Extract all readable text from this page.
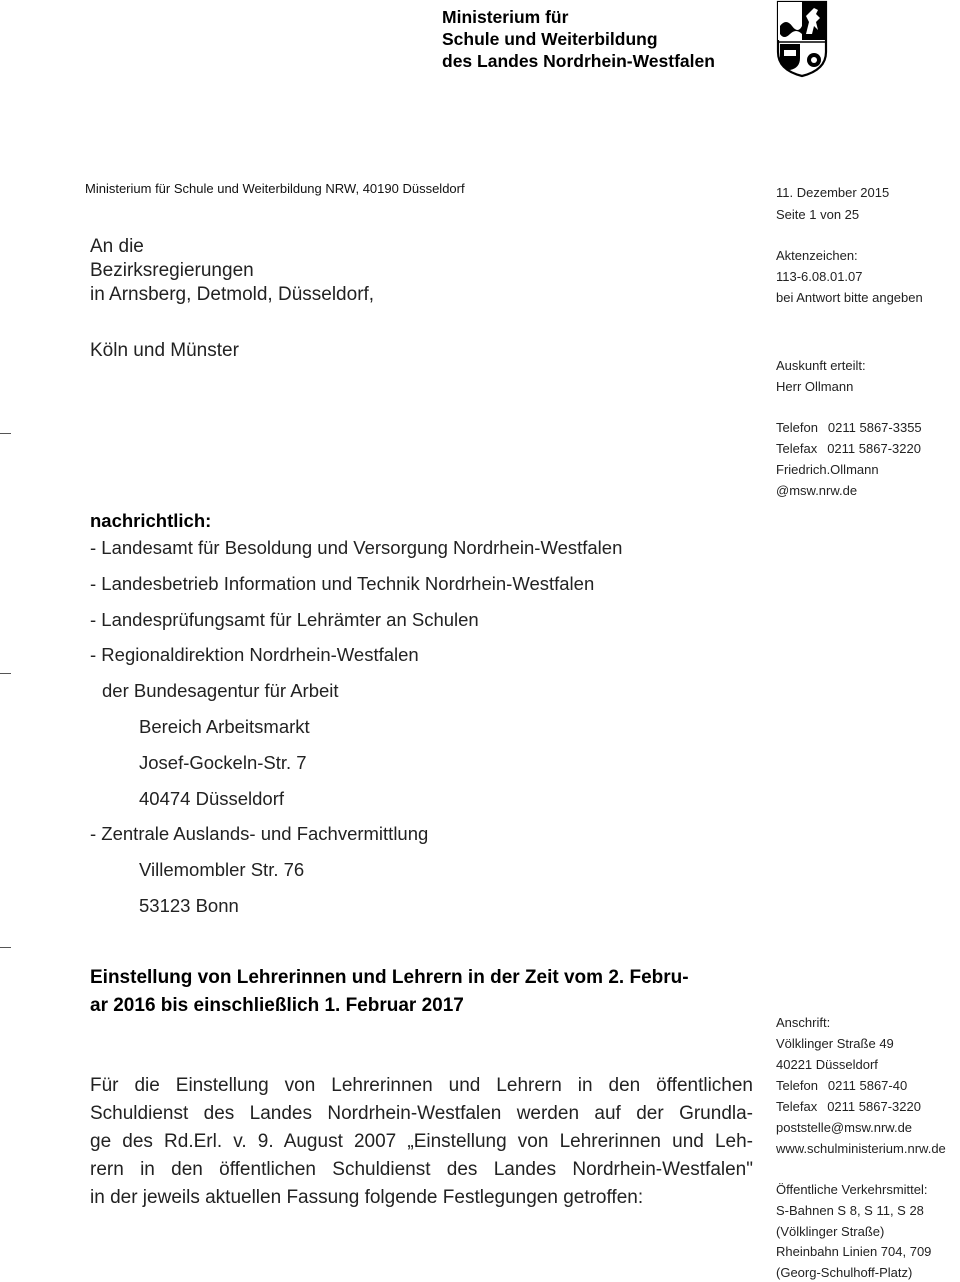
Ministerium für
Schule und Weiterbildung
des Landes Nordrhein-Westfalen
Ministerium für Schule und Weiterbildung NRW, 40190 Düsseldorf
An die
Bezirksregierungen
in Arnsberg, Detmold, Düsseldorf,
Köln und Münster
11. Dezember 2015
Seite 1 von 25
Aktenzeichen:
113-6.08.01.07
bei Antwort bitte angeben
Auskunft erteilt:
Herr Ollmann
Telefon 0211 5867-3355
Telefax 0211 5867-3220
Friedrich.Ollmann
@msw.nrw.de
Anschrift:
Völklinger Straße 49
40221 Düsseldorf
Telefon 0211 5867-40
Telefax 0211 5867-3220
poststelle@msw.nrw.de
www.schulministerium.nrw.de
Öffentliche Verkehrsmittel:
S-Bahnen S 8, S 11, S 28
(Völklinger Straße)
Rheinbahn Linien 704, 709
(Georg-Schulhoff-Platz)
nachrichtlich:
- Landesamt für Besoldung und Versorgung Nordrhein-Westfalen
- Landesbetrieb Information und Technik Nordrhein-Westfalen
- Landesprüfungsamt für Lehrämter an Schulen
- Regionaldirektion Nordrhein-Westfalen
der Bundesagentur für Arbeit
Bereich Arbeitsmarkt
Josef-Gockeln-Str. 7
40474 Düsseldorf
- Zentrale Auslands- und Fachvermittlung
Villemombler Str. 76
53123 Bonn
Einstellung von Lehrerinnen und Lehrern in der Zeit vom 2. Febru-
ar 2016 bis einschließlich 1. Februar 2017
Für die Einstellung von Lehrerinnen und Lehrern in den öffentlichen
Schuldienst des Landes Nordrhein-Westfalen werden auf der Grundla-
ge des Rd.Erl. v. 9. August 2007 „Einstellung von Lehrerinnen und Leh-
rern in den öffentlichen Schuldienst des Landes Nordrhein-Westfalen"
in der jeweils aktuellen Fassung folgende Festlegungen getroffen:
